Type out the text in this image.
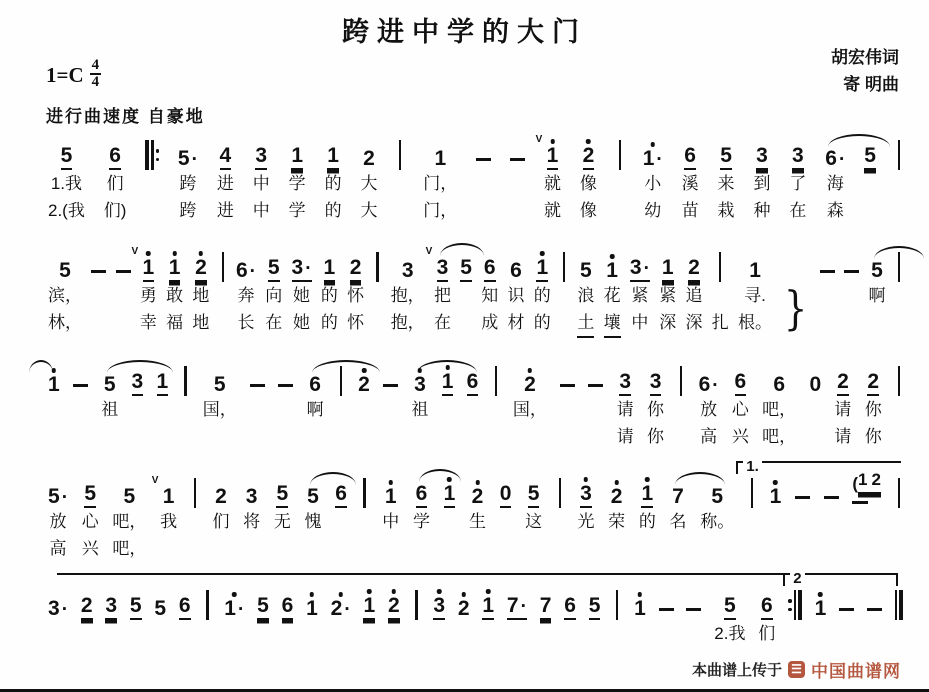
跨进中学的大门
胡宏伟词
寄 明曲
$1=C \frac{4}{4}$
进行曲速度 自豪地
5
1.我
2.(我
6
们
们)
5 ·
跨
跨
4
进
进
3
中
中
1
学
学
1
的
的
2
大
大
1
门，
门，
V
1
就
就
2
像
像
1 ·
小
幼
6
溪
苗
5
来
栽
3
到
种
3
了
在
6 ·
海
森
5
5
滨，
林，
V
1
勇
幸
1
敢
福
2
地
地
6 ·
奔
长
5
向
在
3 ·
她
她
1
的
的
2
怀
怀
3
抱，
抱，
V
3
把
在
5 6
知
成
6
识
材
1
的
的
5
浪
土
1
花
壤
3 ·
紧
中
1
紧
深
2
追
深 扎
1
寻.
根。 }
5
啊
1 5
祖
3 1 5
国，
6
啊
2 3
祖
1 6 2
国，
3
请
请
3
你
你
6 ·
放
高
6
心
兴
6
吧，
吧，
0 2
请
请
2
你
你
1.
5 ·
放
高
5
心
兴
5
吧，
吧，
V
1
我
2
们
3
将
5
无
5
愧
6 1
中
6
学
1 2
生
0 5
这
3
光
2
荣
1
的
7
名
5
称。
1
( 1 2
2
3 · 2 3 5 5 6 1 · 5 6 1 2 · 1 2 3 2 1 7 · 7 6 5 1	5
2.我
6
们
1
本曲谱上传于 ☰ 中国曲谱网
